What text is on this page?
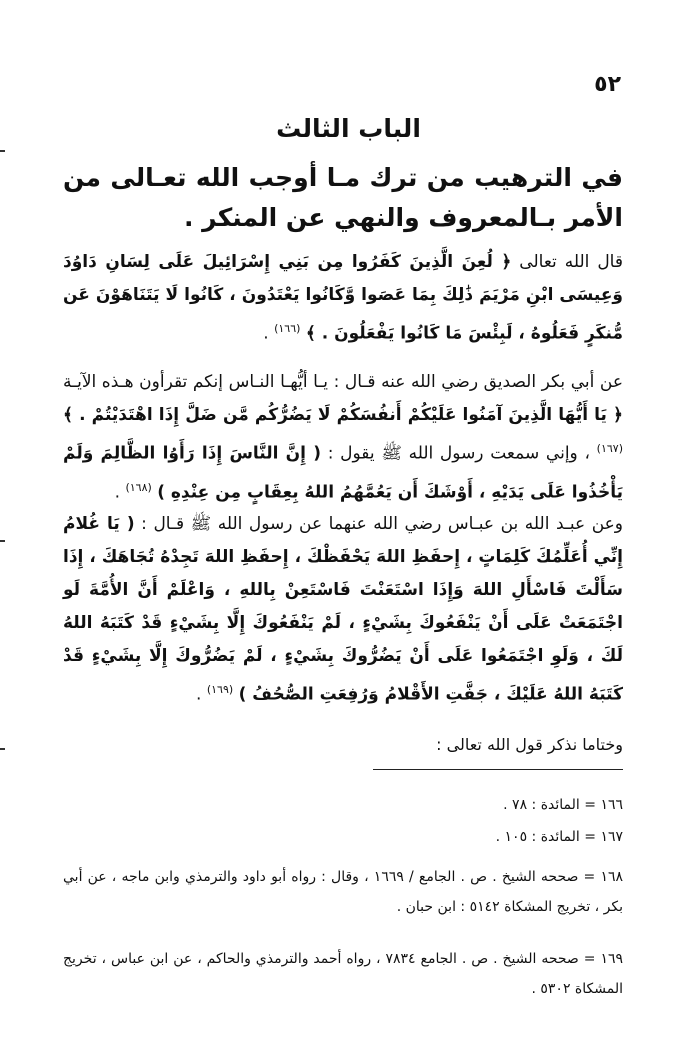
٥٢
الباب الثالث
في الترهيب من ترك مـا أوجب الله تعـالى من الأمر بـالمعروف والنهي عن المنكر .

قال الله تعالى ﴿ لُعِنَ الَّذِينَ كَفَرُوا مِن بَنِي إِسْرَائِيلَ عَلَى لِسَانِ دَاوُدَ وَعِيسَى ابْنِ مَرْيَمَ ذَٰلِكَ بِمَا عَصَوا وَّكَانُوا يَعْتَدُونَ ، كَانُوا لَا يَتَنَاهَوْنَ عَن مُّنكَرٍ فَعَلُوهُ ، لَبِئْسَ مَا كَانُوا يَفْعَلُونَ . ﴾ $^{(١٦٦)}$ .

عن أبي بكر الصديق رضي الله عنه قـال : يـا أيُّهـا النـاس إنكم تقرأون هـذه الآيـة ﴿ يَا أَيُّهَا الَّذِينَ آمَنُوا عَلَيْكُمْ أَنفُسَكُمْ لَا يَضُرُّكُم مَّن ضَلَّ إِذَا اهْتَدَيْتُمْ . ﴾ $^{(١٦٧)}$ ، وإني سمعت رسول الله ﷺ يقول : ( إِنَّ النَّاسَ إِذَا رَأَوُا الظَّالِمَ وَلَمْ يَأْخُذُوا عَلَى يَدَيْهِ ، أَوْشَكَ أَن يَعُمَّهُمُ اللهُ بِعِقَابٍ مِن عِنْدِهِ ) $^{(١٦٨)}$ .

وعن عبـد الله بن عبـاس رضي الله عنهما عن رسول الله ﷺ قـال : ( يَا غُلامُ إِنِّي أُعَلِّمُكَ كَلِمَاتٍ ، إِحفَظِ اللهَ يَحْفَظْكَ ، إِحفَظِ اللهَ تَجِدْهُ تُجَاهَكَ ، إِذَا سَأَلْتَ فَاسْأَلِ اللهَ وَإِذَا اسْتَعَنْتَ فَاسْتَعِنْ بِاللهِ ، وَاعْلَمْ أَنَّ الأُمَّةَ لَو اجْتَمَعَتْ عَلَى أَنْ يَنْفَعُوكَ بِشَيْءٍ ، لَمْ يَنْفَعُوكَ إِلَّا بِشَيْءٍ قَدْ كَتَبَهُ اللهُ لَكَ ، وَلَوِ اجْتَمَعُوا عَلَى أَنْ يَضُرُّوكَ بِشَيْءٍ ، لَمْ يَضُرُّوكَ إِلَّا بِشَيْءٍ قَدْ كَتَبَهُ اللهُ عَلَيْكَ ، جَفَّتِ الأَقْلامُ وَرُفِعَتِ الصُّحُفُ ) $^{(١٦٩)}$ .

وختاما نذكر قول الله تعالى :

١٦٦ = المائدة : ٧٨ .

١٦٧ = المائدة : ١٠٥ .

١٦٨ = صححه الشيخ . ص . الجامع / ١٦٦٩ ، وقال : رواه أبو داود والترمذي وابن ماجه ، عن أبي بكر ، تخريج المشكاة ٥١٤٢ : ابن حبان .

١٦٩ = صححه الشيخ . ص . الجامع ٧٨٣٤ ، رواه أحمد والترمذي والحاكم ، عن ابن عباس ، تخريج المشكاة ٥٣٠٢ .
